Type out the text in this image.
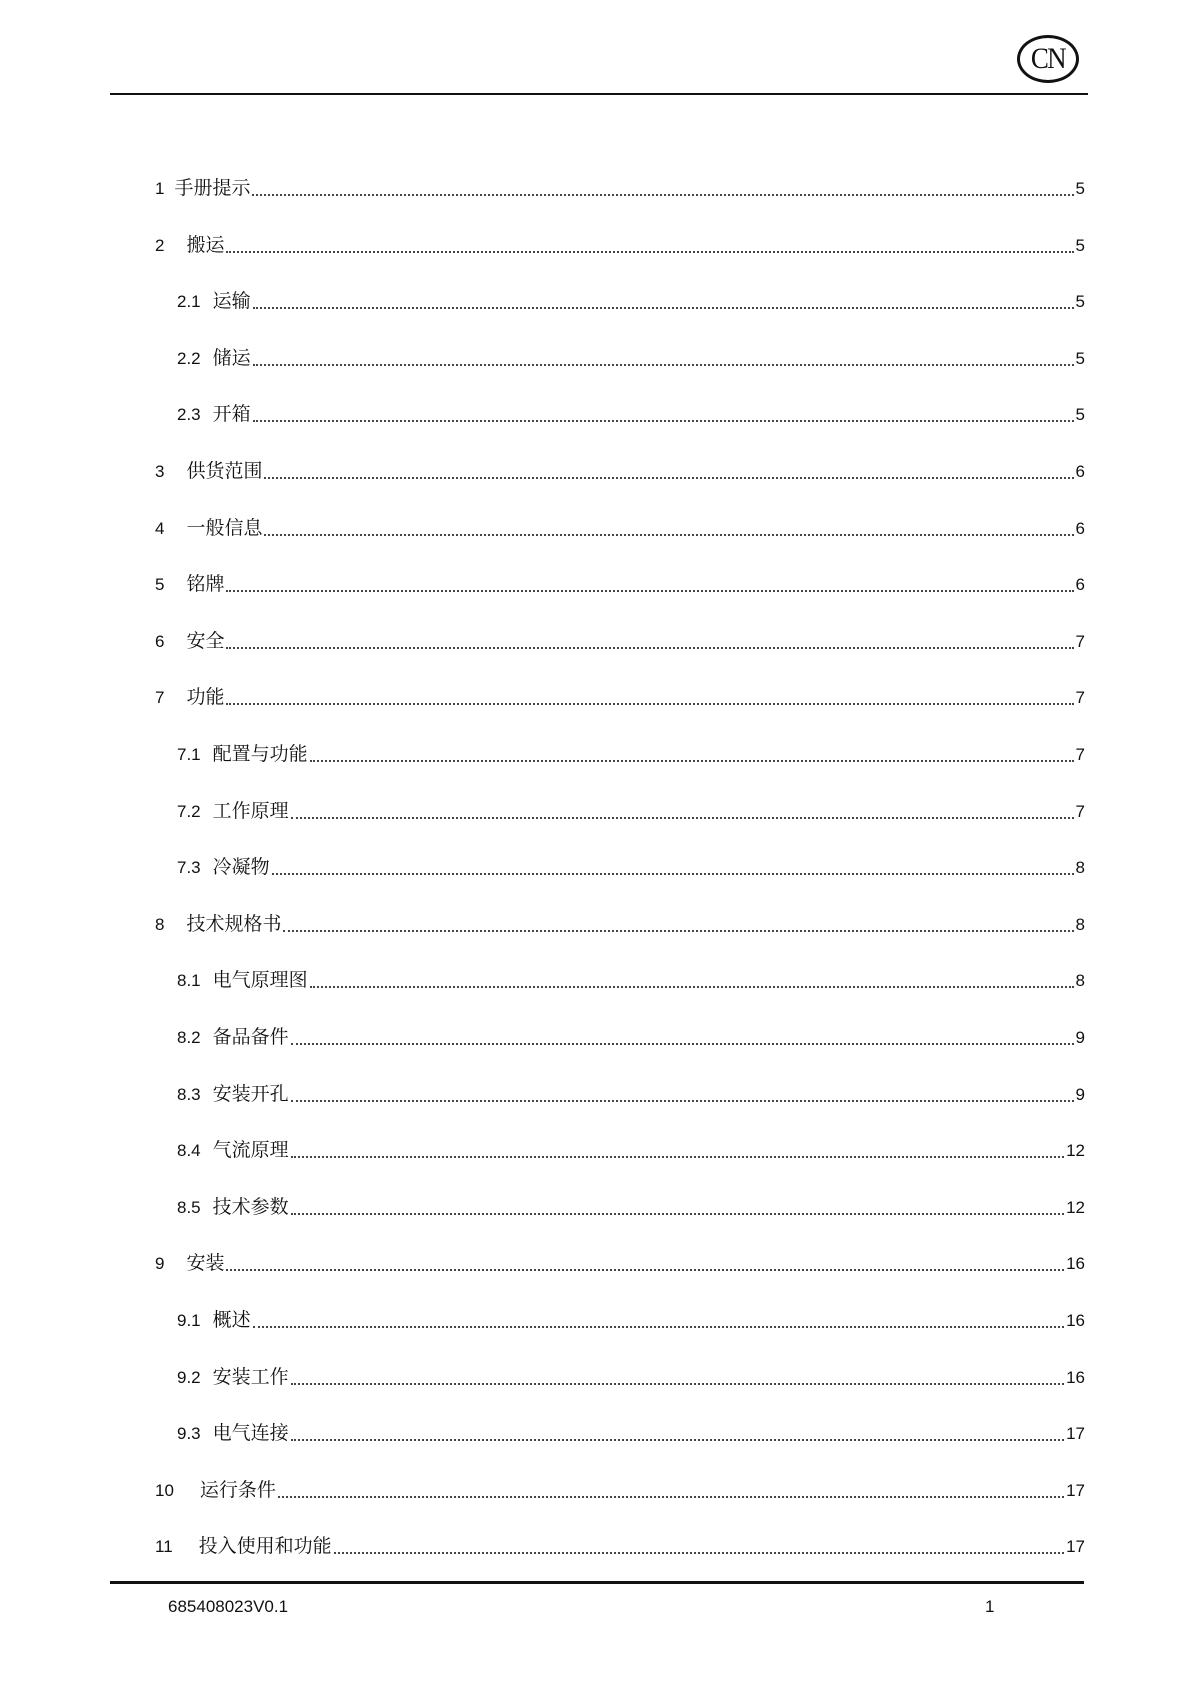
CN
1 手册提示	5
2 搬运	5
2.1 运输	5
2.2 储运	5
2.3 开箱	5
3 供货范围	6
4 一般信息	6
5 铭牌	6
6 安全	7
7 功能	7
7.1 配置与功能	7
7.2 工作原理	7
7.3 冷凝物	8
8 技术规格书	8
8.1 电气原理图	8
8.2 备品备件	9
8.3 安装开孔	9
8.4 气流原理	12
8.5 技术参数	12
9 安装	16
9.1 概述	16
9.2 安装工作	16
9.3 电气连接	17
10 运行条件	17
11 投入使用和功能	17
685408023V0.1	1
